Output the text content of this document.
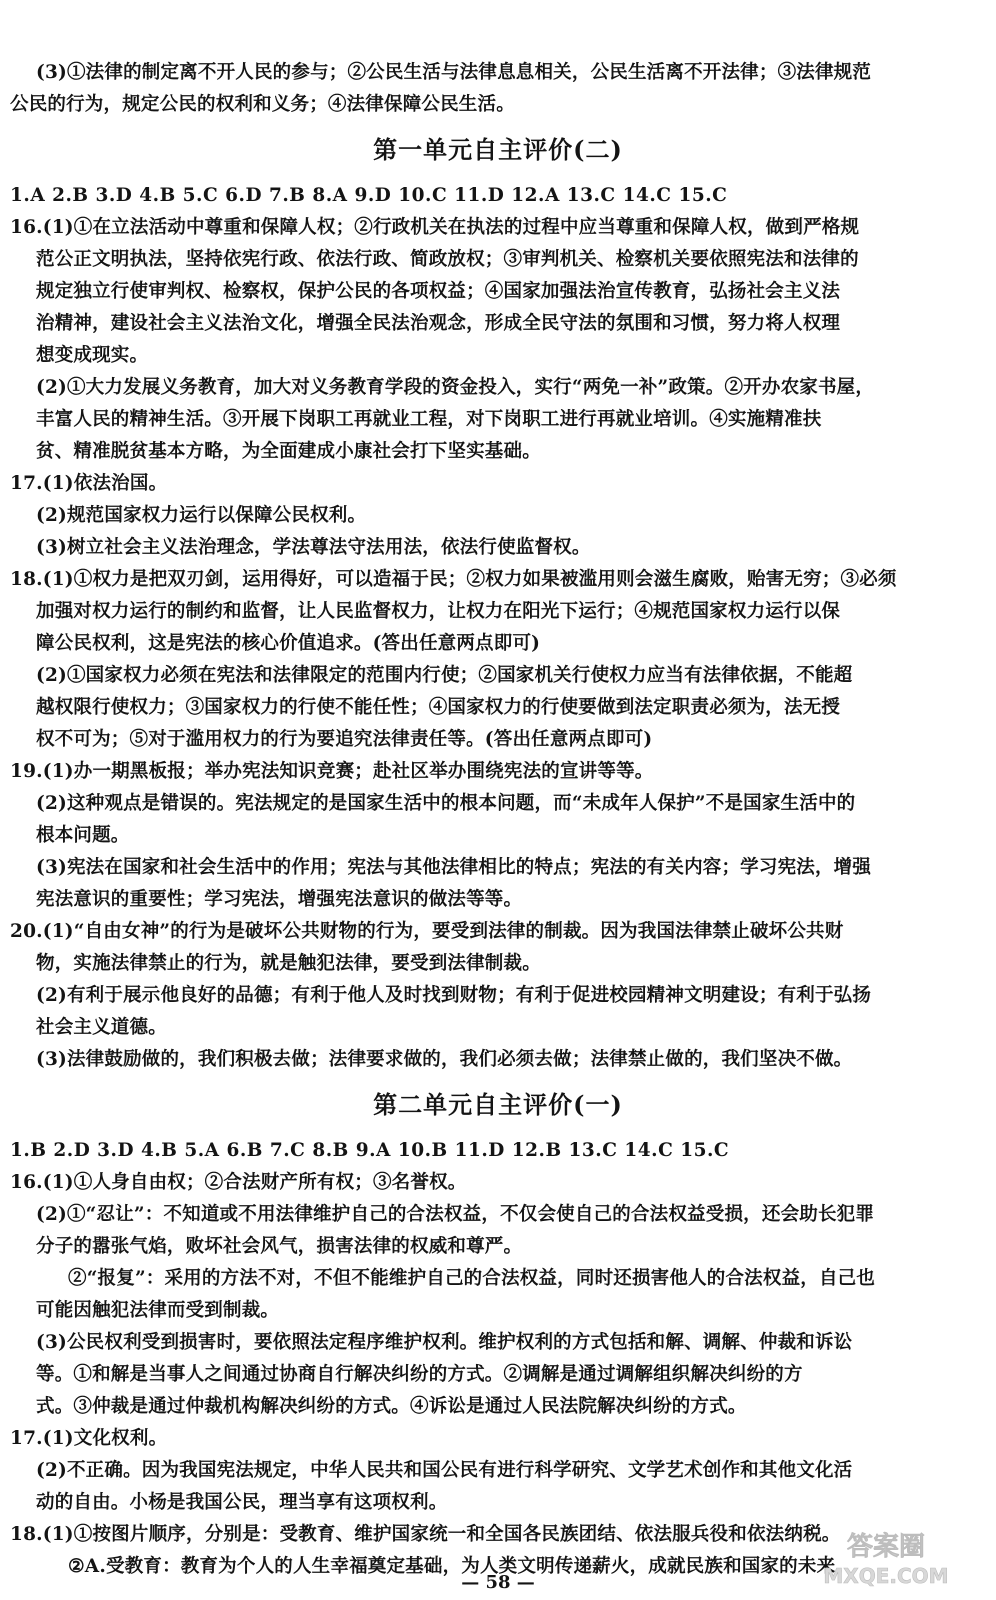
(3)①法律的制定离不开人民的参与；②公民生活与法律息息相关，公民生活离不开法律；③法律规范
公民的行为，规定公民的权利和义务；④法律保障公民生活。
第一单元自主评价(二)
1.A 2.B 3.D 4.B 5.C 6.D 7.B 8.A 9.D 10.C 11.D 12.A 13.C 14.C 15.C
16.(1)①在立法活动中尊重和保障人权；②行政机关在执法的过程中应当尊重和保障人权，做到严格规
范公正文明执法，坚持依宪行政、依法行政、简政放权；③审判机关、检察机关要依照宪法和法律的
规定独立行使审判权、检察权，保护公民的各项权益；④国家加强法治宣传教育，弘扬社会主义法
治精神，建设社会主义法治文化，增强全民法治观念，形成全民守法的氛围和习惯，努力将人权理
想变成现实。
(2)①大力发展义务教育，加大对义务教育学段的资金投入，实行“两免一补”政策。②开办农家书屋，
丰富人民的精神生活。③开展下岗职工再就业工程，对下岗职工进行再就业培训。④实施精准扶
贫、精准脱贫基本方略，为全面建成小康社会打下坚实基础。
17.(1)依法治国。
(2)规范国家权力运行以保障公民权利。
(3)树立社会主义法治理念，学法尊法守法用法，依法行使监督权。
18.(1)①权力是把双刃剑，运用得好，可以造福于民；②权力如果被滥用则会滋生腐败，贻害无穷；③必须
加强对权力运行的制约和监督，让人民监督权力，让权力在阳光下运行；④规范国家权力运行以保
障公民权利，这是宪法的核心价值追求。(答出任意两点即可)
(2)①国家权力必须在宪法和法律限定的范围内行使；②国家机关行使权力应当有法律依据，不能超
越权限行使权力；③国家权力的行使不能任性；④国家权力的行使要做到法定职责必须为，法无授
权不可为；⑤对于滥用权力的行为要追究法律责任等。(答出任意两点即可)
19.(1)办一期黑板报；举办宪法知识竞赛；赴社区举办围绕宪法的宣讲等等。
(2)这种观点是错误的。宪法规定的是国家生活中的根本问题，而“未成年人保护”不是国家生活中的
根本问题。
(3)宪法在国家和社会生活中的作用；宪法与其他法律相比的特点；宪法的有关内容；学习宪法，增强
宪法意识的重要性；学习宪法，增强宪法意识的做法等等。
20.(1)“自由女神”的行为是破坏公共财物的行为，要受到法律的制裁。因为我国法律禁止破坏公共财
物，实施法律禁止的行为，就是触犯法律，要受到法律制裁。
(2)有利于展示他良好的品德；有利于他人及时找到财物；有利于促进校园精神文明建设；有利于弘扬
社会主义道德。
(3)法律鼓励做的，我们积极去做；法律要求做的，我们必须去做；法律禁止做的，我们坚决不做。
第二单元自主评价(一)
1.B 2.D 3.D 4.B 5.A 6.B 7.C 8.B 9.A 10.B 11.D 12.B 13.C 14.C 15.C
16.(1)①人身自由权；②合法财产所有权；③名誉权。
(2)①“忍让”：不知道或不用法律维护自己的合法权益，不仅会使自己的合法权益受损，还会助长犯罪
分子的嚣张气焰，败坏社会风气，损害法律的权威和尊严。
②“报复”：采用的方法不对，不但不能维护自己的合法权益，同时还损害他人的合法权益，自己也
可能因触犯法律而受到制裁。
(3)公民权利受到损害时，要依照法定程序维护权利。维护权利的方式包括和解、调解、仲裁和诉讼
等。①和解是当事人之间通过协商自行解决纠纷的方式。②调解是通过调解组织解决纠纷的方
式。③仲裁是通过仲裁机构解决纠纷的方式。④诉讼是通过人民法院解决纠纷的方式。
17.(1)文化权利。
(2)不正确。因为我国宪法规定，中华人民共和国公民有进行科学研究、文学艺术创作和其他文化活
动的自由。小杨是我国公民，理当享有这项权利。
18.(1)①按图片顺序，分别是：受教育、维护国家统一和全国各民族团结、依法服兵役和依法纳税。
②A.受教育：教育为个人的人生幸福奠定基础，为人类文明传递薪火，成就民族和国家的未来。
— 58 —
答案圈
MXQE.COM
